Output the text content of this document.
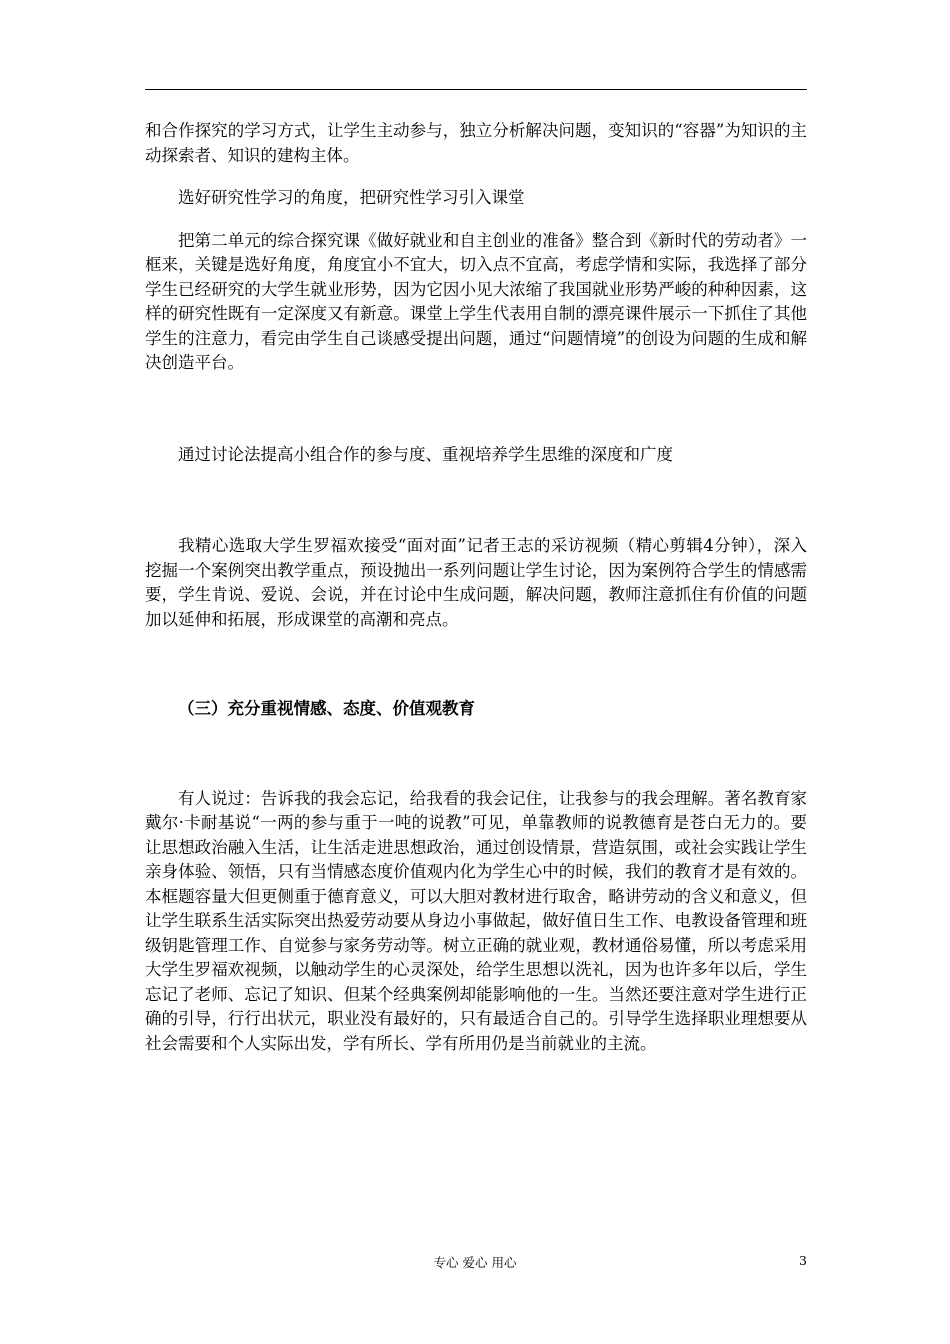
和合作探究的学习方式，让学生主动参与，独立分析解决问题，变知识的“容器”为知识的主动探索者、知识的建构主体。

选好研究性学习的角度，把研究性学习引入课堂

把第二单元的综合探究课《做好就业和自主创业的准备》整合到《新时代的劳动者》一框来，关键是选好角度，角度宜小不宜大，切入点不宜高，考虑学情和实际，我选择了部分学生已经研究的大学生就业形势，因为它因小见大浓缩了我国就业形势严峻的种种因素，这样的研究性既有一定深度又有新意。课堂上学生代表用自制的漂亮课件展示一下抓住了其他学生的注意力，看完由学生自己谈感受提出问题，通过“问题情境”的创设为问题的生成和解决创造平台。

通过讨论法提高小组合作的参与度、重视培养学生思维的深度和广度

我精心选取大学生罗福欢接受“面对面”记者王志的采访视频（精心剪辑4分钟），深入挖掘一个案例突出教学重点，预设抛出一系列问题让学生讨论，因为案例符合学生的情感需要，学生肯说、爱说、会说，并在讨论中生成问题，解决问题，教师注意抓住有价值的问题加以延伸和拓展，形成课堂的高潮和亮点。

（三）充分重视情感、态度、价值观教育

有人说过：告诉我的我会忘记，给我看的我会记住，让我参与的我会理解。著名教育家戴尔·卡耐基说“一两的参与重于一吨的说教”可见，单靠教师的说教德育是苍白无力的。要让思想政治融入生活，让生活走进思想政治，通过创设情景，营造氛围，或社会实践让学生亲身体验、领悟，只有当情感态度价值观内化为学生心中的时候，我们的教育才是有效的。本框题容量大但更侧重于德育意义，可以大胆对教材进行取舍，略讲劳动的含义和意义，但让学生联系生活实际突出热爱劳动要从身边小事做起，做好值日生工作、电教设备管理和班级钥匙管理工作、自觉参与家务劳动等。树立正确的就业观，教材通俗易懂，所以考虑采用大学生罗福欢视频，以触动学生的心灵深处，给学生思想以洗礼，因为也许多年以后，学生忘记了老师、忘记了知识、但某个经典案例却能影响他的一生。当然还要注意对学生进行正确的引导，行行出状元，职业没有最好的，只有最适合自己的。引导学生选择职业理想要从社会需要和个人实际出发，学有所长、学有所用仍是当前就业的主流。

专心 爱心 用心	3
